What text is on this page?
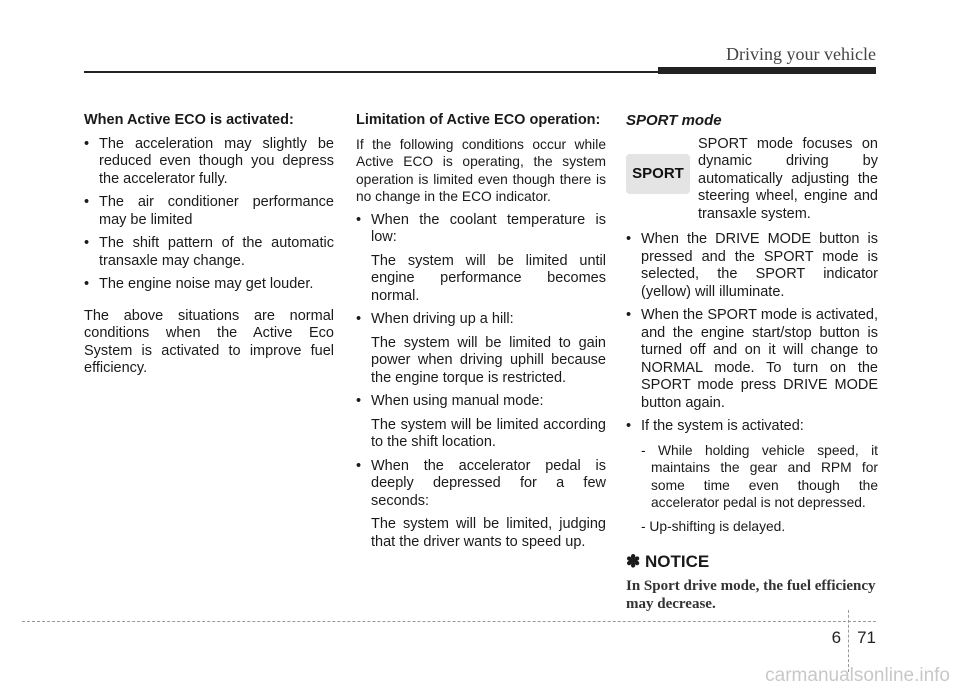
Driving your vehicle
When Active ECO is activated:

• The acceleration may slightly be reduced even though you depress the accelerator fully.

• The air conditioner performance may be limited

• The shift pattern of the automatic transaxle may change.

• The engine noise may get louder.

The above situations are normal conditions when the Active Eco System is activated to improve fuel efficiency.

Limitation of Active ECO operation:

If the following conditions occur while Active ECO is operating, the system operation is limited even though there is no change in the ECO indicator.

• When the coolant temperature is low:

The system will be limited until engine performance becomes normal.

• When driving up a hill:

The system will be limited to gain power when driving uphill because the engine torque is restricted.

• When using manual mode:

The system will be limited according to the shift location.

• When the accelerator pedal is deeply depressed for a few seconds:

The system will be limited, judging that the driver wants to speed up.

SPORT mode
SPORT

SPORT mode focuses on dynamic driving by automatically adjusting the steering wheel, engine and transaxle system.

• When the DRIVE MODE button is pressed and the SPORT mode is selected, the SPORT indicator (yellow) will illuminate.

• When the SPORT mode is activated, and the engine start/stop button is turned off and on it will change to NORMAL mode. To turn on the SPORT mode press DRIVE MODE button again.

• If the system is activated:

- While holding vehicle speed, it maintains the gear and RPM for some time even though the accelerator pedal is not depressed.

- Up-shifting is delayed.

✽ NOTICE

In Sport drive mode, the fuel efficiency may decrease.

6 71
carmanualsonline.info
